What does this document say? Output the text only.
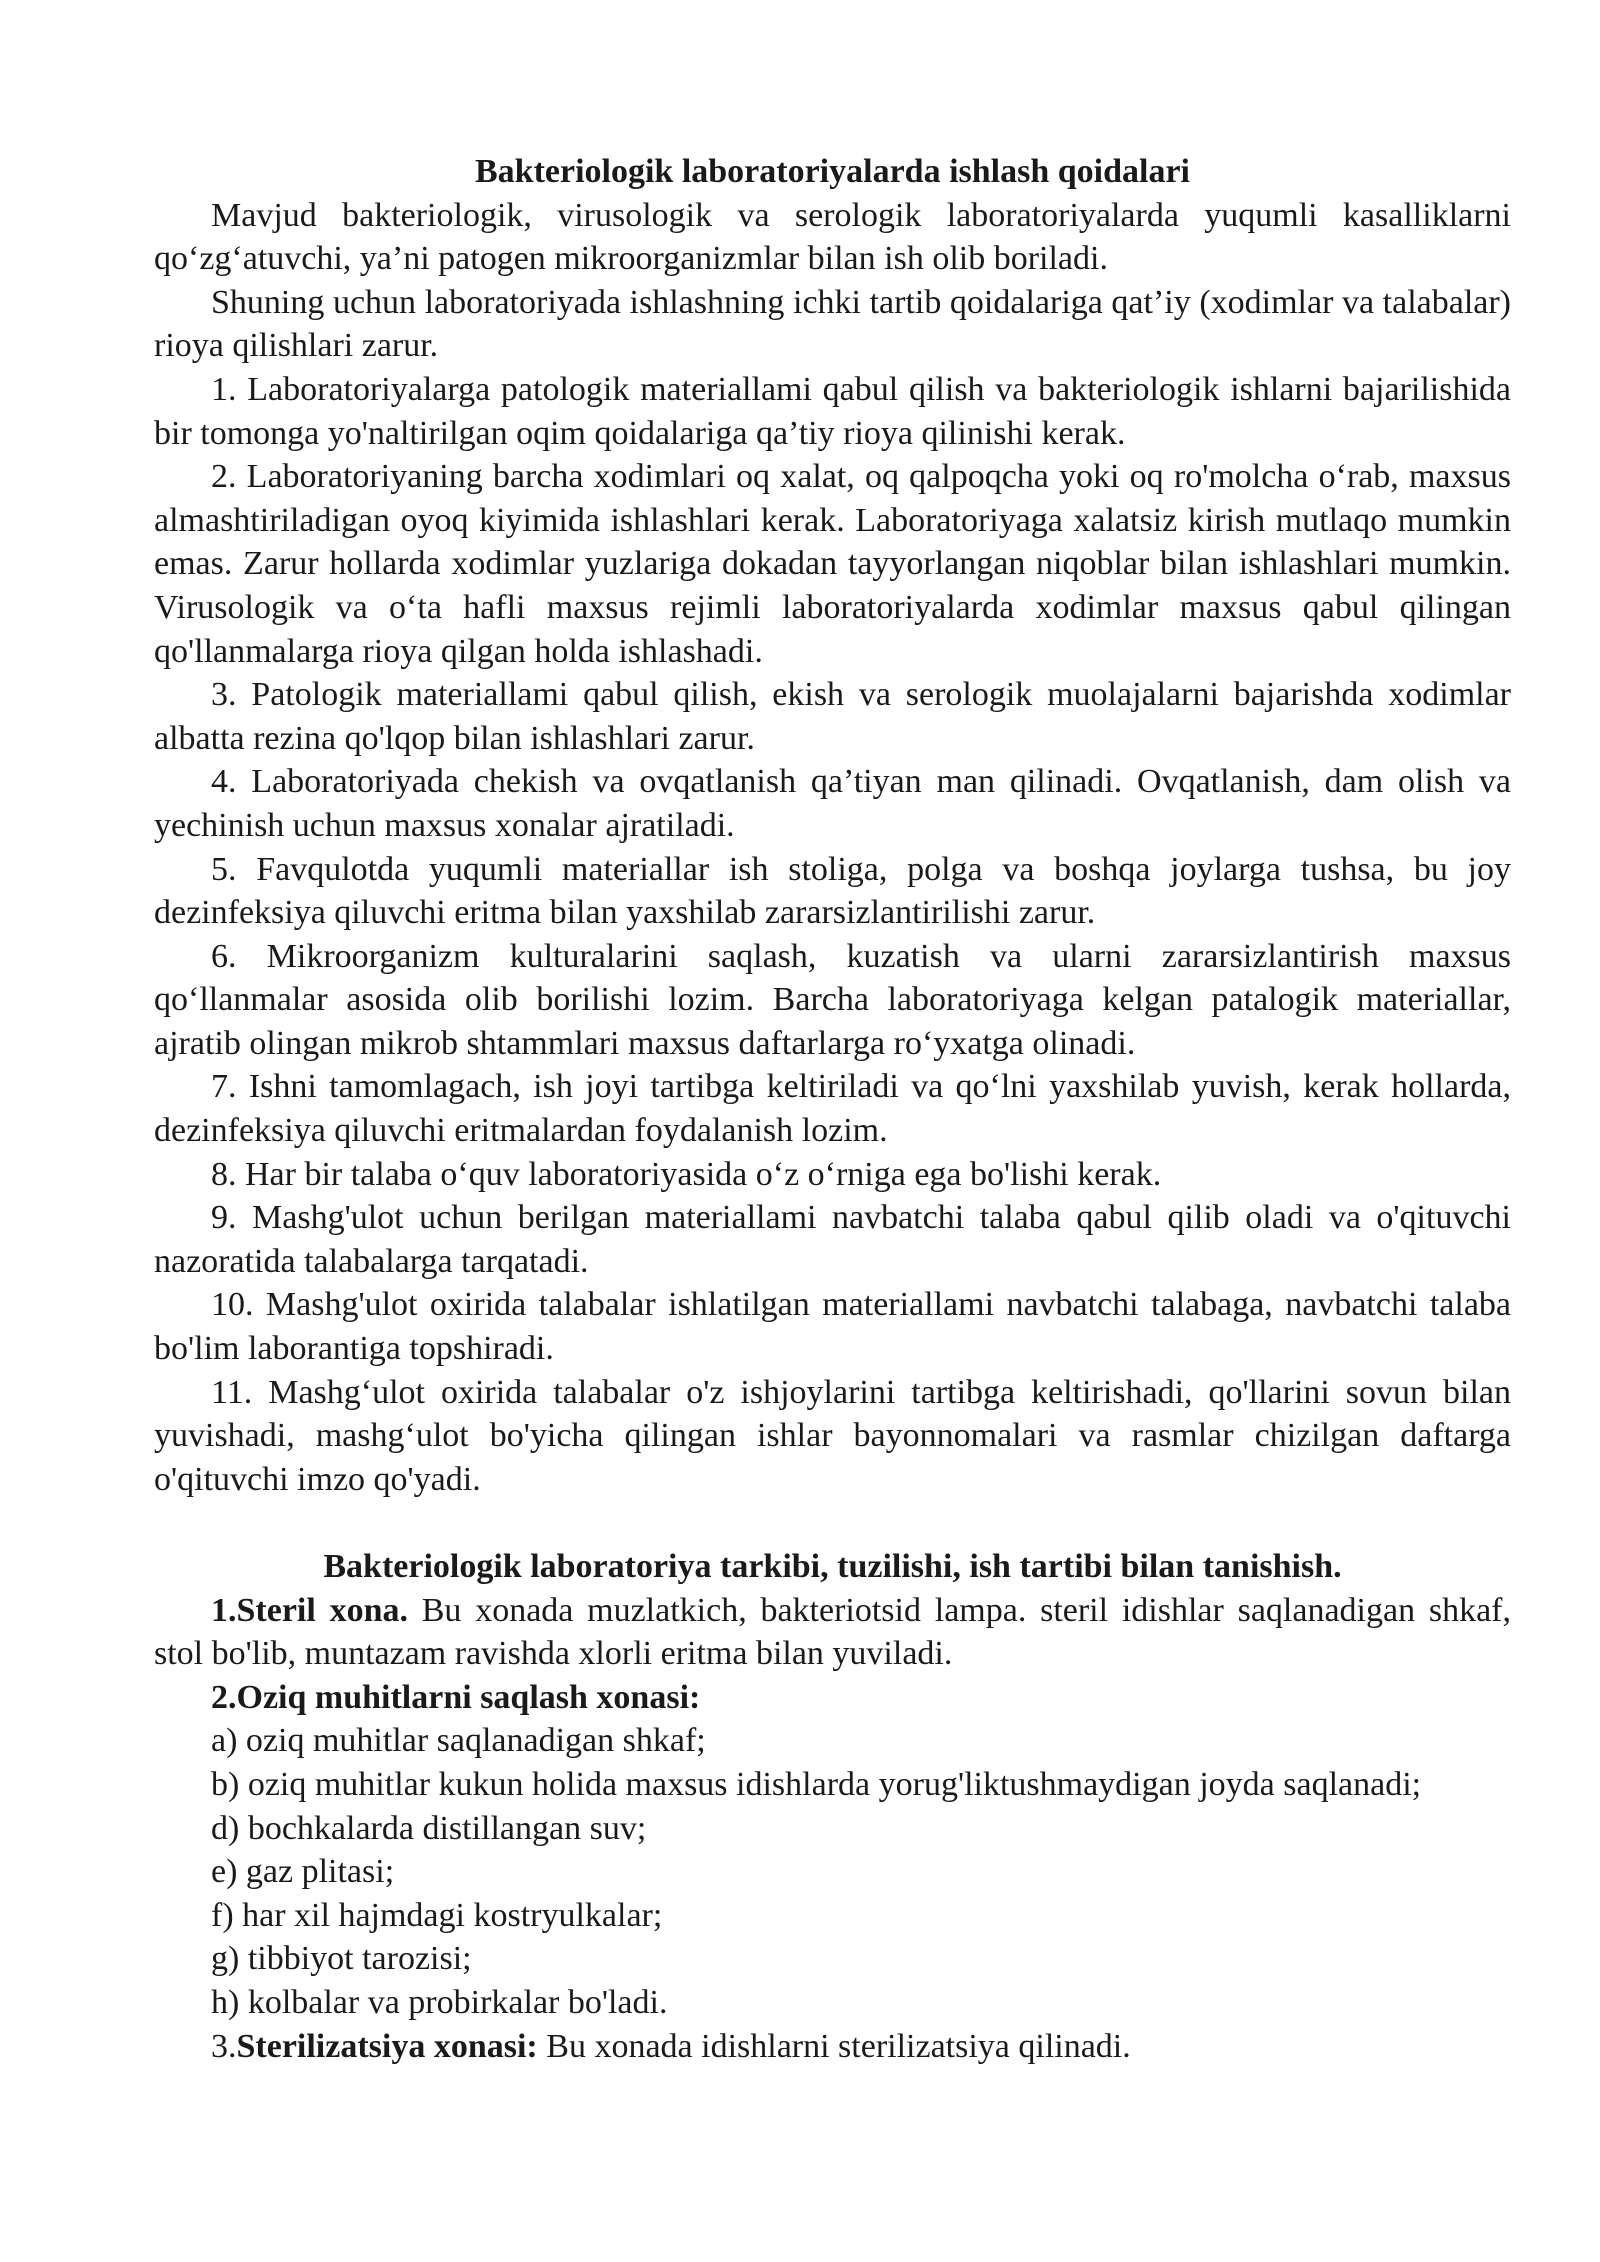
Bakteriologik laboratoriyalarda ishlash qoidalari

Mavjud bakteriologik, virusologik va serologik laboratoriyalarda yuqumli kasalliklarni qo‘zg‘atuvchi, ya’ni patogen mikroorganizmlar bilan ish olib boriladi.

Shuning uchun laboratoriyada ishlashning ichki tartib qoidalariga qat’iy (xodimlar va talabalar) rioya qilishlari zarur.

1. Laboratoriyalarga patologik materiallami qabul qilish va bakteriologik ishlarni bajarilishida bir tomonga yo'naltirilgan oqim qoidalariga qa’tiy rioya qilinishi kerak.

2. Laboratoriyaning barcha xodimlari oq xalat, oq qalpoqcha yoki oq ro'molcha o‘rab, maxsus almashtiriladigan oyoq kiyimida ishlashlari kerak. Laboratoriyaga xalatsiz kirish mutlaqo mumkin emas. Zarur hollarda xodimlar yuzlariga dokadan tayyorlangan niqoblar bilan ishlashlari mumkin. Virusologik va o‘ta hafli maxsus rejimli laboratoriyalarda xodimlar maxsus qabul qilingan qo'llanmalarga rioya qilgan holda ishlashadi.

3. Patologik materiallami qabul qilish, ekish va serologik muolajalarni bajarishda xodimlar albatta rezina qo'lqop bilan ishlashlari zarur.

4. Laboratoriyada chekish va ovqatlanish qa’tiyan man qilinadi. Ovqatlanish, dam olish va yechinish uchun maxsus xonalar ajratiladi.

5. Favqulotda yuqumli materiallar ish stoliga, polga va boshqa joylarga tushsa, bu joy dezinfeksiya qiluvchi eritma bilan yaxshilab zararsizlantirilishi zarur.

6. Mikroorganizm kulturalarini saqlash, kuzatish va ularni zararsizlantirish maxsus qo‘llanmalar asosida olib borilishi lozim. Barcha laboratoriyaga kelgan patalogik materiallar, ajratib olingan mikrob shtammlari maxsus daftarlarga ro‘yxatga olinadi.

7. Ishni tamomlagach, ish joyi tartibga keltiriladi va qo‘lni yaxshilab yuvish, kerak hollarda, dezinfeksiya qiluvchi eritmalardan foydalanish lozim.

8. Har bir talaba o‘quv laboratoriyasida o‘z o‘rniga ega bo'lishi kerak.

9. Mashg'ulot uchun berilgan materiallami navbatchi talaba qabul qilib oladi va o'qituvchi nazoratida talabalarga tarqatadi.

10. Mashg'ulot oxirida talabalar ishlatilgan materiallami navbatchi talabaga, navbatchi talaba bo'lim laborantiga topshiradi.

11. Mashg‘ulot oxirida talabalar o'z ishjoylarini tartibga keltirishadi, qo'llarini sovun bilan yuvishadi, mashg‘ulot bo'yicha qilingan ishlar bayonnomalari va rasmlar chizilgan daftarga o'qituvchi imzo qo'yadi.

Bakteriologik laboratoriya tarkibi, tuzilishi, ish tartibi bilan tanishish.

1.Steril xona. Bu xonada muzlatkich, bakteriotsid lampa. steril idishlar saqlanadigan shkaf, stol bo'lib, muntazam ravishda xlorli eritma bilan yuviladi.

2.Oziq muhitlarni saqlash xonasi:

a) oziq muhitlar saqlanadigan shkaf;

b) oziq muhitlar kukun holida maxsus idishlarda yorug'liktushmaydigan joyda saqlanadi;

d) bochkalarda distillangan suv;

e) gaz plitasi;

f) har xil hajmdagi kostryulkalar;

g) tibbiyot tarozisi;

h) kolbalar va probirkalar bo'ladi.

3.Sterilizatsiya xonasi: Bu xonada idishlarni sterilizatsiya qilinadi.
